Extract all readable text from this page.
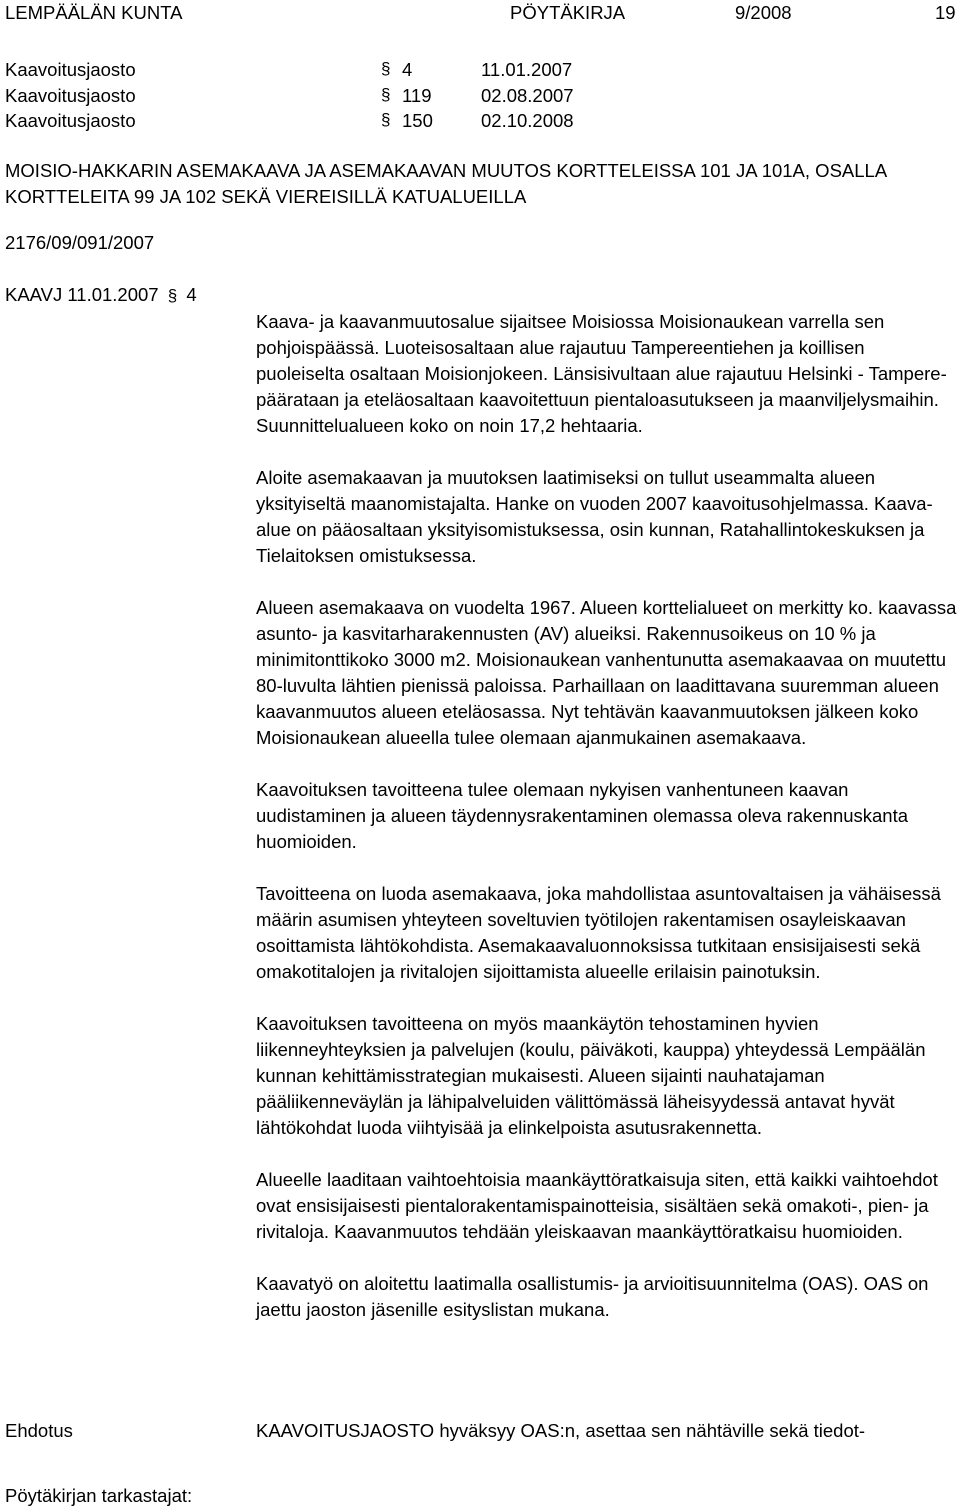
LEMPÄÄLÄN KUNTA	PÖYTÄKIRJA	9/2008	19
Kaavoitusjaosto	§ 4	11.01.2007
Kaavoitusjaosto	§ 119	02.08.2007
Kaavoitusjaosto	§ 150	02.10.2008
MOISIO-HAKKARIN ASEMAKAAVA JA ASEMAKAAVAN MUUTOS KORTTELEISSA 101 JA 101A, OSALLA KORTTELEITA 99 JA 102 SEKÄ VIEREISILLÄ KATUALUEILLA
2176/09/091/2007
KAAVJ 11.01.2007 § 4

Kaava- ja kaavanmuutosalue sijaitsee Moisiossa Moisionaukean varrella sen pohjoispäässä. Luoteisosaltaan alue rajautuu Tampereentiehen ja koillisen puoleiselta osaltaan Moisionjokeen. Länsisivultaan alue rajautuu Helsinki - Tampere-päärataan ja eteläosaltaan kaavoitettuun pientaloasutukseen ja maanviljelysmaihin. Suunnittelualueen koko on noin 17,2 hehtaaria.

Aloite asemakaavan ja muutoksen laatimiseksi on tullut useammalta alueen yksityiseltä maanomistajalta. Hanke on vuoden 2007 kaavoitusohjelmassa. Kaava-alue on pääosaltaan yksityisomistuksessa, osin kunnan, Ratahallintokeskuksen ja Tielaitoksen omistuksessa.

Alueen asemakaava on vuodelta 1967. Alueen korttelialueet on merkitty ko. kaavassa asunto- ja kasvitarharakennusten (AV) alueiksi. Rakennusoikeus on 10 % ja minimitonttikoko 3000 m2. Moisionaukean vanhentunutta asemakaavaa on muutettu 80-luvulta lähtien pienissä paloissa. Parhaillaan on laadittavana suuremman alueen kaavanmuutos alueen eteläosassa. Nyt tehtävän kaavanmuutoksen jälkeen koko Moisionaukean alueella tulee olemaan ajanmukainen asemakaava.

Kaavoituksen tavoitteena tulee olemaan nykyisen vanhentuneen kaavan uudistaminen ja alueen täydennysrakentaminen olemassa oleva rakennuskanta huomioiden.

Tavoitteena on luoda asemakaava, joka mahdollistaa asuntovaltaisen ja vähäisessä määrin asumisen yhteyteen soveltuvien työtilojen rakentamisen osayleiskaavan osoittamista lähtökohdista. Asemakaavaluonnoksissa tutkitaan ensisijaisesti sekä omakotitalojen ja rivitalojen sijoittamista alueelle erilaisin painotuksin.

Kaavoituksen tavoitteena on myös maankäytön tehostaminen hyvien liikenneyhteyksien ja palvelujen (koulu, päiväkoti, kauppa) yhteydessä Lempäälän kunnan kehittämisstrategian mukaisesti. Alueen sijainti nauhatajaman pääliikenneväylän ja lähipalveluiden välittömässä läheisyydessä antavat hyvät lähtökohdat luoda viihtyisää ja elinkelpoista asutusrakennetta.

Alueelle laaditaan vaihtoehtoisia maankäyttöratkaisuja siten, että kaikki vaihtoehdot ovat ensisijaisesti pientalorakentamispainotteisia, sisältäen sekä omakoti-, pien- ja rivitaloja. Kaavanmuutos tehdään yleiskaavan maankäyttöratkaisu huomioiden.

Kaavatyö on aloitettu laatimalla osallistumis- ja arvioitisuunnitelma (OAS). OAS on jaettu jaoston jäsenille esityslistan mukana.

Ehdotus	KAAVOITUSJAOSTO hyväksyy OAS:n, asettaa sen nähtäville sekä tiedot-
Pöytäkirjan tarkastajat:
